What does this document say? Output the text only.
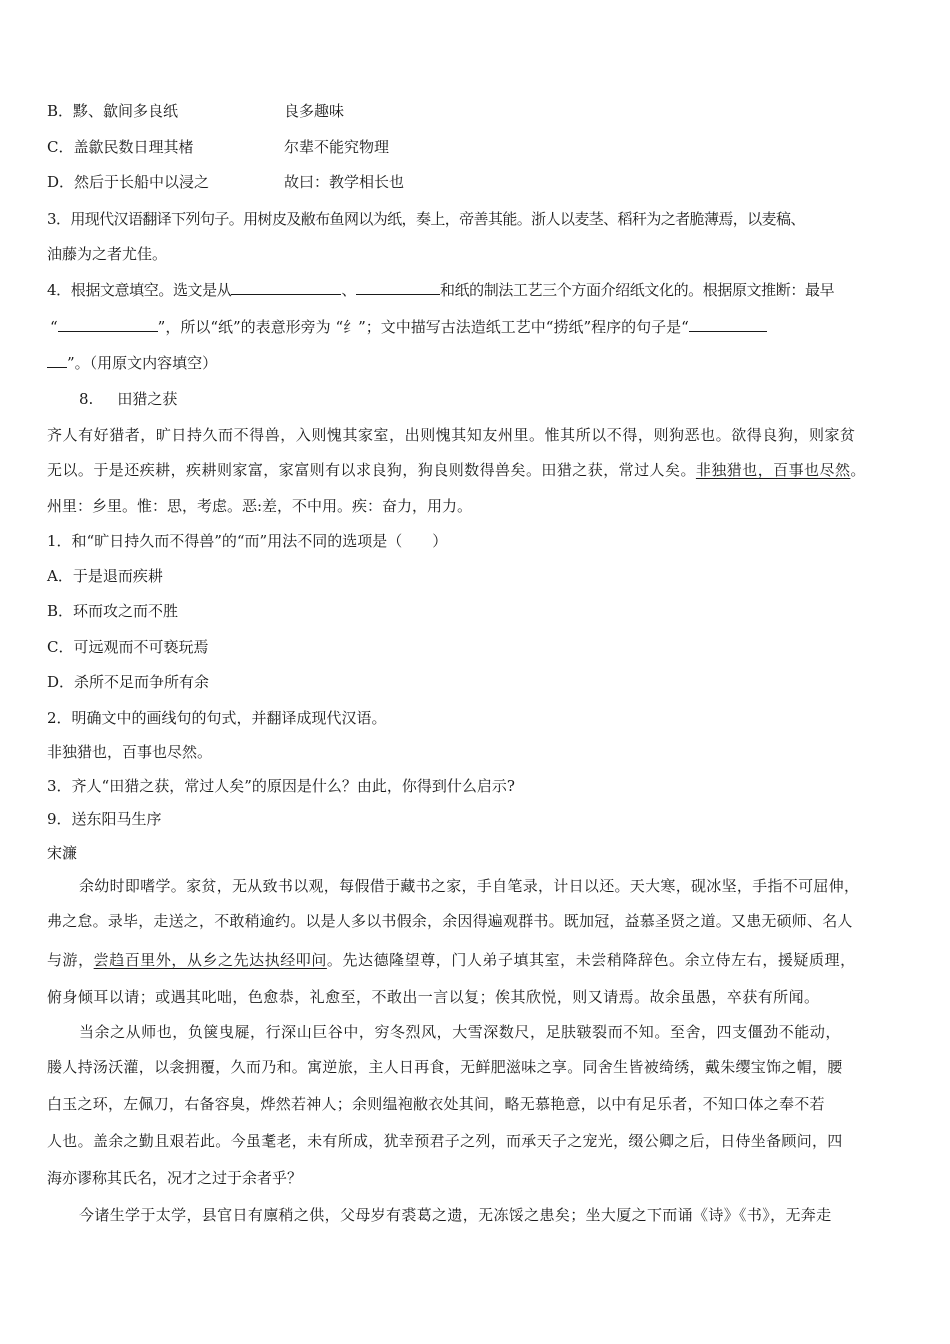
B．黟、歙间多良纸	良多趣味
C．盖歙民数日理其楮	尔辈不能究物理
D．然后于长船中以浸之	故曰：教学相长也
3．用现代汉语翻译下列句子。用树皮及敝布鱼网以为纸，奏上，帝善其能。浙人以麦茎、稻秆为之者脆薄焉，以麦稿、
油藤为之者尤佳。
4．根据文意填空。选文是从	、	和纸的制法工艺三个方面介绍纸文化的。根据原文推断：最早
“	”，所以“纸”的表意形旁为 “纟”；文中描写古法造纸工艺中“捞纸”程序的句子是“
”。（用原文内容填空）
8. 田猎之获
齐人有好猎者，旷日持久而不得兽，入则愧其家室，出则愧其知友州里。惟其所以不得，则狗恶也。欲得良狗，则家贫
无以。于是还疾耕，疾耕则家富，家富则有以求良狗，狗良则数得兽矣。田猎之获，常过人矣。非独猎也，百事也尽然。
州里：乡里。惟：思，考虑。恶:差，不中用。疾：奋力，用力。
1．和“旷日持久而不得兽”的“而”用法不同的选项是（　　）
A．于是退而疾耕
B．环而攻之而不胜
C．可远观而不可亵玩焉
D．杀所不足而争所有余
2．明确文中的画线句的句式，并翻译成现代汉语。
非独猎也，百事也尽然。
3．齐人“田猎之获，常过人矣”的原因是什么？由此，你得到什么启示?
9．送东阳马生序
宋濂
余幼时即嗜学。家贫，无从致书以观，每假借于藏书之家，手自笔录，计日以还。天大寒，砚冰坚，手指不可屈伸，
弗之怠。录毕，走送之，不敢稍逾约。以是人多以书假余，余因得遍观群书。既加冠，益慕圣贤之道。又患无硕师、名人
与游，尝趋百里外，从乡之先达执经叩问。先达德隆望尊，门人弟子填其室，未尝稍降辞色。余立侍左右，援疑质理，
俯身倾耳以请；或遇其叱咄，色愈恭，礼愈至，不敢出一言以复；俟其欣悦，则又请焉。故余虽愚，卒获有所闻。
当余之从师也，负箧曳屣，行深山巨谷中，穷冬烈风，大雪深数尺，足肤皲裂而不知。至舍，四支僵劲不能动，
媵人持汤沃灌，以衾拥覆，久而乃和。寓逆旅，主人日再食，无鲜肥滋味之享。同舍生皆被绮绣，戴朱缨宝饰之帽，腰
白玉之环，左佩刀，右备容臭，烨然若神人；余则缊袍敝衣处其间，略无慕艳意，以中有足乐者，不知口体之奉不若
人也。盖余之勤且艰若此。今虽耄老，未有所成，犹幸预君子之列，而承天子之宠光，缀公卿之后，日侍坐备顾问，四
海亦谬称其氏名，况才之过于余者乎？
今诸生学于太学，县官日有廪稍之供，父母岁有裘葛之遗，无冻馁之患矣；坐大厦之下而诵《诗》《书》，无奔走
